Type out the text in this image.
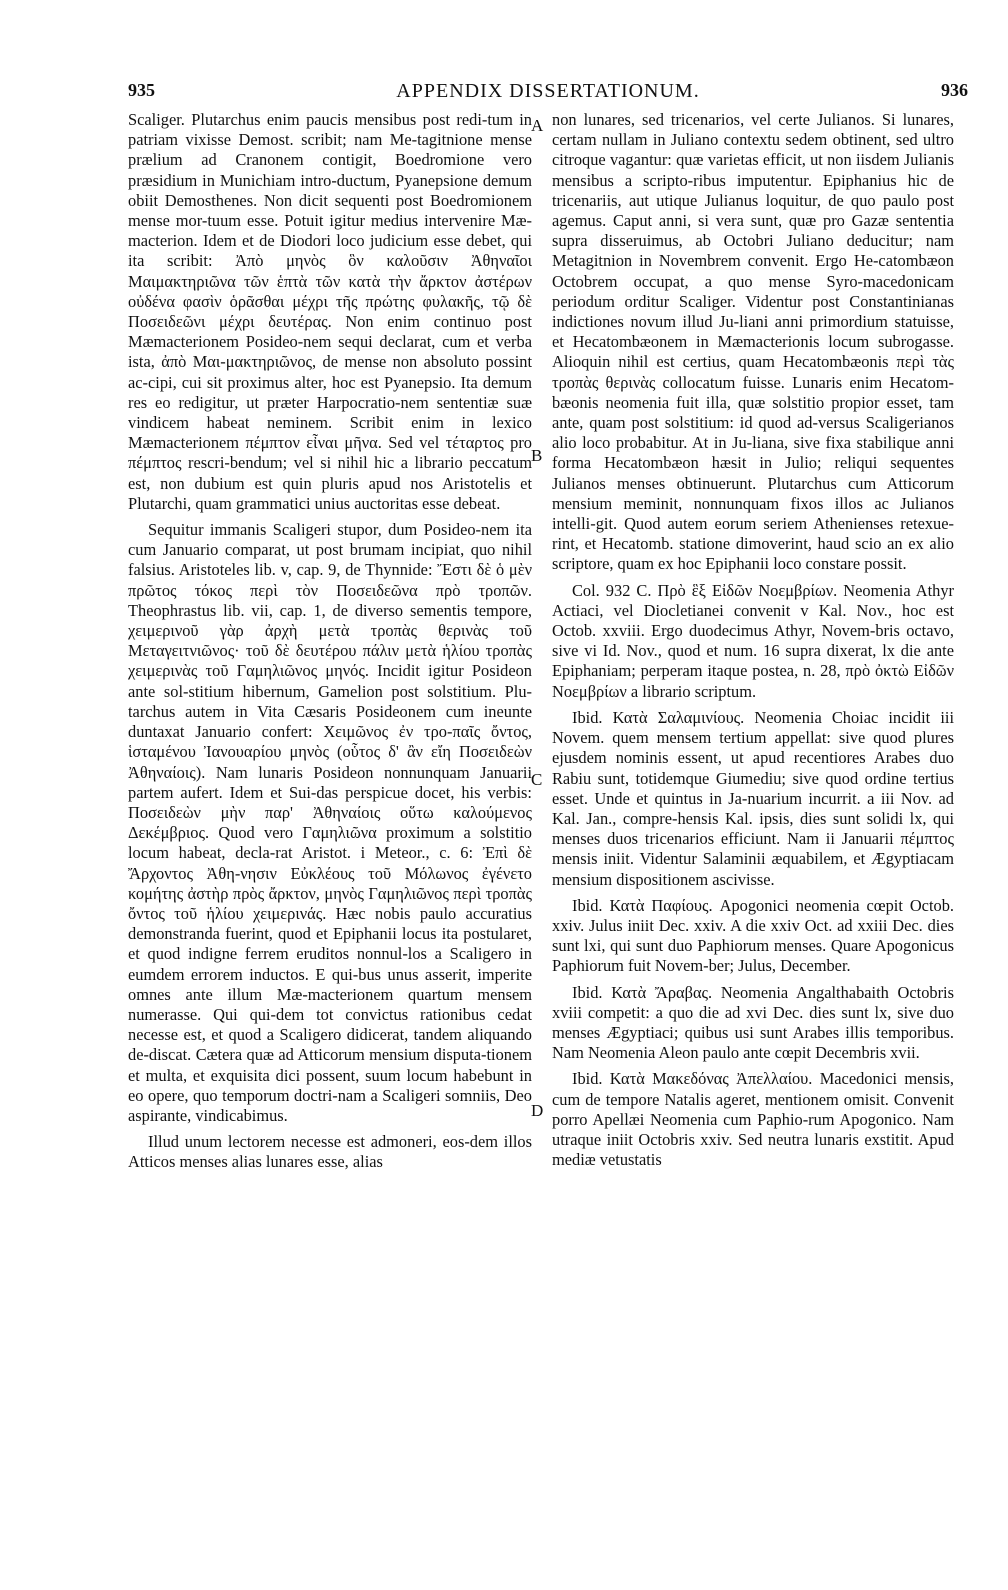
935	APPENDIX DISSERTATIONUM.	936

Scaliger. Plutarchus enim paucis mensibus post redi-tum in patriam vixisse Demost. scribit; nam Me-tagitnione mense prælium ad Cranonem contigit, Boedromione vero præsidium in Munichiam intro-ductum, Pyanepsione demum obiit Demosthenes. Non dicit sequenti post Boedromionem mense mor-tuum esse. Potuit igitur medius intervenire Mæ-macterion. Idem et de Diodori loco judicium esse debet, qui ita scribit: Ἀπὸ μηνὸς ὃν καλοῦσιν Ἀθηναῖοι Μαιμακτηριῶνα τῶν ἑπτὰ τῶν κατὰ τὴν ἄρκτον ἀστέρων οὐδένα φασὶν ὁρᾶσθαι μέχρι τῆς πρώτης φυλακῆς, τῷ δὲ Ποσειδεῶνι μέχρι δευτέρας. Non enim continuo post Mæmacterionem Posideo-nem sequi declarat, cum et verba ista, ἀπὸ Μαι-μακτηριῶνος, de mense non absoluto possint ac-cipi, cui sit proximus alter, hoc est Pyanepsio. Ita demum res eo redigitur, ut præter Harpocratio-nem sententiæ suæ vindicem habeat neminem. Scribit enim in lexico Mæmacterionem πέμπτον εἶναι μῆνα. Sed vel τέταρτος pro πέμπτος rescri-bendum; vel si nihil hic a librario peccatum est, non dubium est quin pluris apud nos Aristotelis et Plutarchi, quam grammatici unius auctoritas esse debeat.

Sequitur immanis Scaligeri stupor, dum Posideo-nem ita cum Januario comparat, ut post brumam incipiat, quo nihil falsius. Aristoteles lib. v, cap. 9, de Thynnide: Ἔστι δὲ ὁ μὲν πρῶτος τόκος περὶ τὸν Ποσειδεῶνα πρὸ τροπῶν. Theophrastus lib. vii, cap. 1, de diverso sementis tempore, χειμερινοῦ γὰρ ἀρχὴ μετὰ τροπὰς θερινὰς τοῦ Μεταγειτνιῶνος· τοῦ δὲ δευτέρου πάλιν μετὰ ἡλίου τροπὰς χειμερινὰς τοῦ Γαμηλιῶνος μηνός. Incidit igitur Posideon ante sol-stitium hibernum, Gamelion post solstitium. Plu-tarchus autem in Vita Cæsaris Posideonem cum ineunte duntaxat Januario confert: Χειμῶνος ἐν τρο-παῖς ὄντος, ἱσταμένου Ἰανουαρίου μηνὸς (οὗτος δ' ἂν εἴη Ποσειδεὼν Ἀθηναίοις). Nam lunaris Posideon nonnunquam Januarii partem aufert. Idem et Sui-das perspicue docet, his verbis: Ποσειδεὼν μὴν παρ' Ἀθηναίοις οὕτω καλούμενος Δεκέμβριος. Quod vero Γαμηλιῶνα proximum a solstitio locum habeat, decla-rat Aristot. i Meteor., c. 6: Ἐπὶ δὲ Ἄρχοντος Ἀθη-νησιν Εὐκλέους τοῦ Μόλωνος ἐγένετο κομήτης ἀστὴρ πρὸς ἄρκτον, μηνὸς Γαμηλιῶνος περὶ τροπὰς ὄντος τοῦ ἡλίου χειμερινάς. Hæc nobis paulo accuratius demonstranda fuerint, quod et Epiphanii locus ita postularet, et quod indigne ferrem eruditos nonnul-los a Scaligero in eumdem errorem inductos. E qui-bus unus asserit, imperite omnes ante illum Mæ-macterionem quartum mensem numerasse. Qui qui-dem tot convictus rationibus cedat necesse est, et quod a Scaligero didicerat, tandem aliquando de-discat. Cætera quæ ad Atticorum mensium disputa-tionem et multa, et exquisita dici possent, suum locum habebunt in eo opere, quo temporum doctri-nam a Scaligeri somniis, Deo aspirante, vindicabimus.

Illud unum lectorem necesse est admoneri, eos-dem illos Atticos menses alias lunares esse, alias

A
B
C
D

non lunares, sed tricenarios, vel certe Julianos. Si lunares, certam nullam in Juliano contextu sedem obtinent, sed ultro citroque vagantur: quæ varietas efficit, ut non iisdem Julianis mensibus a scripto-ribus imputentur. Epiphanius hic de tricenariis, aut utique Julianus loquitur, de quo paulo post agemus. Caput anni, si vera sunt, quæ pro Gazæ sententia supra disseruimus, ab Octobri Juliano deducitur; nam Metagitnion in Novembrem convenit. Ergo He-catombæon Octobrem occupat, a quo mense Syro-macedonicam periodum orditur Scaliger. Videntur post Constantinianas indictiones novum illud Ju-liani anni primordium statuisse, et Hecatombæonem in Mæmacterionis locum subrogasse. Alioquin nihil est certius, quam Hecatombæonis περὶ τὰς τροπὰς θερινὰς collocatum fuisse. Lunaris enim Hecatom-bæonis neomenia fuit illa, quæ solstitio propior esset, tam ante, quam post solstitium: id quod ad-versus Scaligerianos alio loco probabitur. At in Ju-liana, sive fixa stabilique anni forma Hecatombæon hæsit in Julio; reliqui sequentes Julianos menses obtinuerunt. Plutarchus cum Atticorum mensium meminit, nonnunquam fixos illos ac Julianos intelli-git. Quod autem eorum seriem Athenienses retexue-rint, et Hecatomb. statione dimoverint, haud scio an ex alio scriptore, quam ex hoc Epiphanii loco constare possit.

Col. 932 C. Πρὸ ἓξ Εἰδῶν Νοεμβρίων. Neomenia Athyr Actiaci, vel Diocletianei convenit v Kal. Nov., hoc est Octob. xxviii. Ergo duodecimus Athyr, Novem-bris octavo, sive vi Id. Nov., quod et num. 16 supra dixerat, lx die ante Epiphaniam; perperam itaque postea, n. 28, πρὸ ὀκτὼ Εἰδῶν Νοεμβρίων a librario scriptum.

Ibid. Κατὰ Σαλαμινίους. Neomenia Choiac incidit iii Novem. quem mensem tertium appellat: sive quod plures ejusdem nominis essent, ut apud recentiores Arabes duo Rabiu sunt, totidemque Giumediu; sive quod ordine tertius esset. Unde et quintus in Ja-nuarium incurrit. a iii Nov. ad Kal. Jan., compre-hensis Kal. ipsis, dies sunt solidi lx, qui menses duos tricenarios efficiunt. Nam ii Januarii πέμπτος mensis iniit. Videntur Salaminii æquabilem, et Ægyptiacam mensium dispositionem ascivisse.

Ibid. Κατὰ Παφίους. Apogonici neomenia cœpit Octob. xxiv. Julus iniit Dec. xxiv. A die xxiv Oct. ad xxiii Dec. dies sunt lxi, qui sunt duo Paphiorum menses. Quare Apogonicus Paphiorum fuit Novem-ber; Julus, December.

Ibid. Κατὰ Ἄραβας. Neomenia Angalthabaith Octobris xviii competit: a quo die ad xvi Dec. dies sunt lx, sive duo menses Ægyptiaci; quibus usi sunt Arabes illis temporibus. Nam Neomenia Aleon paulo ante cœpit Decembris xvii.

Ibid. Κατὰ Μακεδόνας Ἀπελλαίου. Macedonici mensis, cum de tempore Natalis ageret, mentionem omisit. Convenit porro Apellæi Neomenia cum Paphio-rum Apogonico. Nam utraque iniit Octobris xxiv. Sed neutra lunaris exstitit. Apud mediæ vetustatis
